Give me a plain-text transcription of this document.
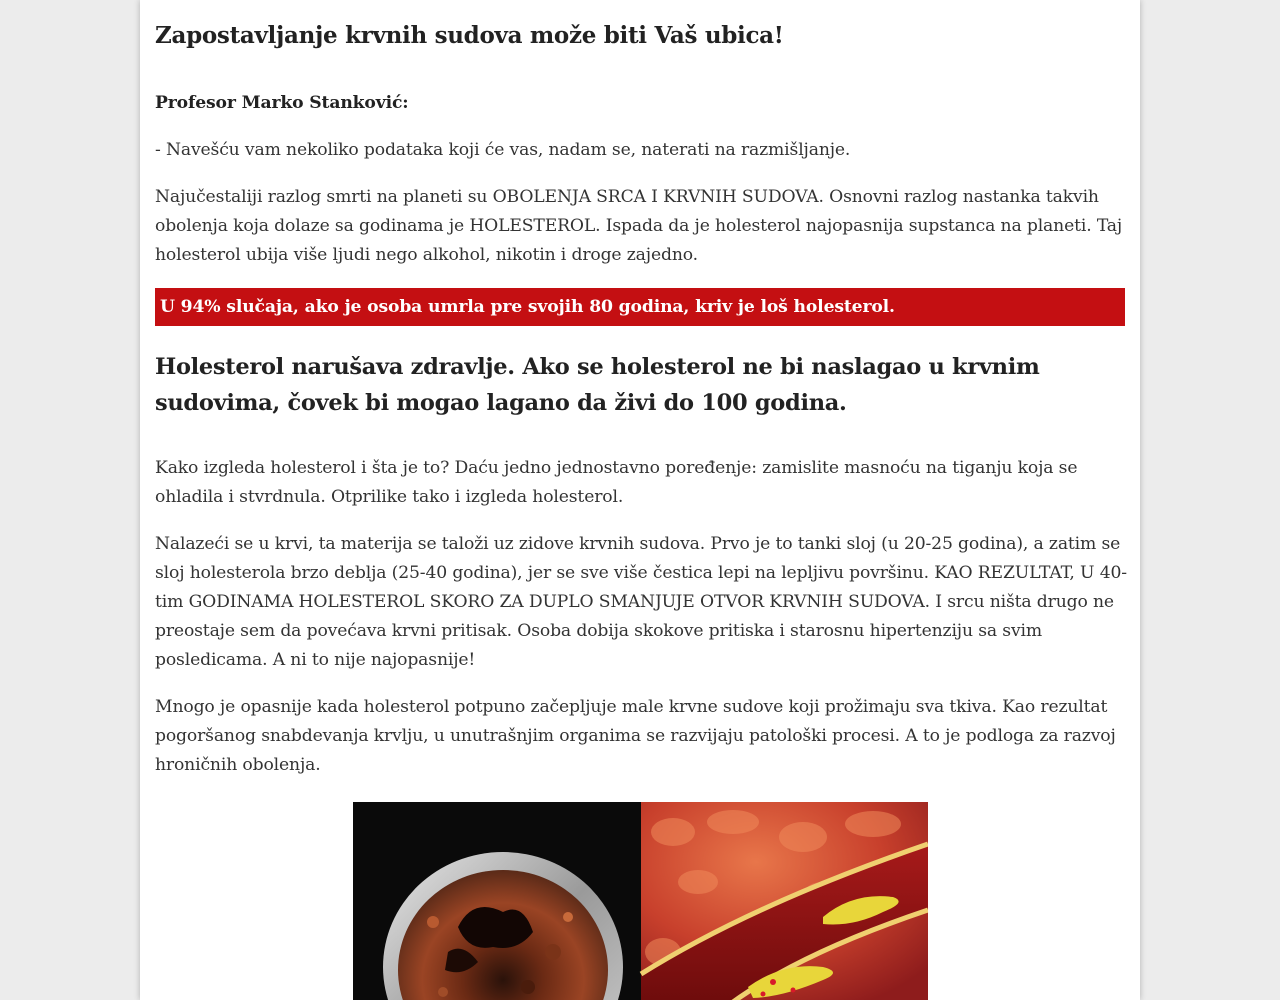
Zapostavljanje krvnih sudova može biti Vaš ubica!

Profesor Marko Stanković:

- Navešću vam nekoliko podataka koji će vas, nadam se, naterati na razmišljanje.

Najučestaliji razlog smrti na planeti su OBOLENJA SRCA I KRVNIH SUDOVA. Osnovni razlog nastanka takvih obolenja koja dolaze sa godinama je HOLESTEROL. Ispada da je holesterol najopasnija supstanca na planeti. Taj holesterol ubija više ljudi nego alkohol, nikotin i droge zajedno.

U 94% slučaja, ako je osoba umrla pre svojih 80 godina, kriv je loš holesterol.
Holesterol narušava zdravlje. Ako se holesterol ne bi naslagao u krvnim sudovima, čovek bi mogao lagano da živi do 100 godina.

Kako izgleda holesterol i šta je to? Daću jedno jednostavno poređenje: zamislite masnoću na tiganju koja se ohladila i stvrdnula. Otprilike tako i izgleda holesterol.

Nalazeći se u krvi, ta materija se taloži uz zidove krvnih sudova. Prvo je to tanki sloj (u 20-25 godina), a zatim se sloj holesterola brzo deblja (25-40 godina), jer se sve više čestica lepi na lepljivu površinu. KAO REZULTAT, U 40-tim GODINAMA HOLESTEROL SKORO ZA DUPLO SMANJUJE OTVOR KRVNIH SUDOVA. I srcu ništa drugo ne preostaje sem da povećava krvni pritisak. Osoba dobija skokove pritiska i starosnu hipertenziju sa svim posledicama. A ni to nije najopasnije!

Mnogo je opasnije kada holesterol potpuno začepljuje male krvne sudove koji prožimaju sva tkiva. Kao rezultat pogoršanog snabdevanja krvlju, u unutrašnjim organima se razvijaju patološki procesi. A to je podloga za razvoj hroničnih obolenja.
